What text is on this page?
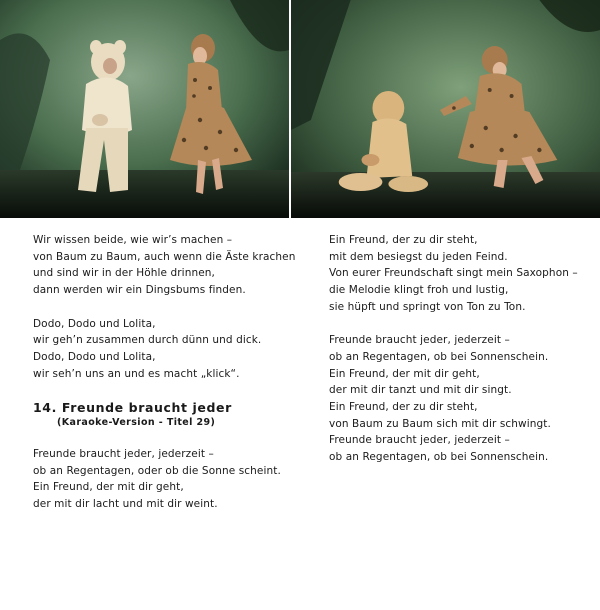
Wir wissen beide, wie wir’s machen –
von Baum zu Baum, auch wenn die Äste krachen
und sind wir in der Höhle drinnen,
dann werden wir ein Dingsbums finden.
Dodo, Dodo und Lolita,
wir geh’n zusammen durch dünn und dick.
Dodo, Dodo und Lolita,
wir seh’n uns an und es macht „klick“.
14. Freunde braucht jeder
(Karaoke-Version - Titel 29)
Freunde braucht jeder, jederzeit –
ob an Regentagen, oder ob die Sonne scheint.
Ein Freund, der mit dir geht,
der mit dir lacht und mit dir weint.
Ein Freund, der zu dir steht,
mit dem besiegst du jeden Feind.
Von eurer Freundschaft singt mein Saxophon –
die Melodie klingt froh und lustig,
sie hüpft und springt von Ton zu Ton.
Freunde braucht jeder, jederzeit –
ob an Regentagen, ob bei Sonnenschein.
Ein Freund, der mit dir geht,
der mit dir tanzt und mit dir singt.
Ein Freund, der zu dir steht,
von Baum zu Baum sich mit dir schwingt.
Freunde braucht jeder, jederzeit –
ob an Regentagen, ob bei Sonnenschein.
